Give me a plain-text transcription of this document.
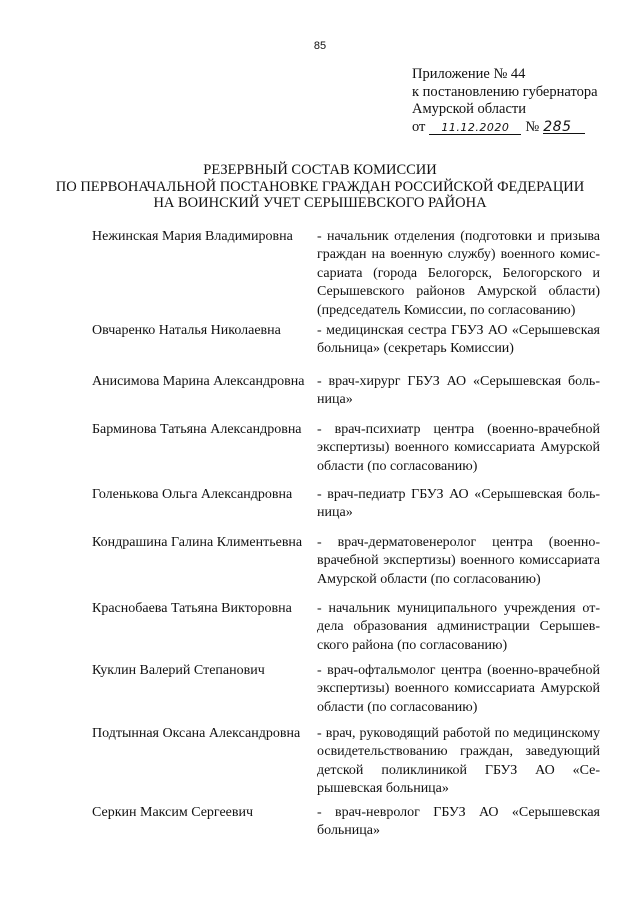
85
Приложение № 44
к постановлению губернатора
Амурской области
от 11.12.2020 № 285
РЕЗЕРВНЫЙ СОСТАВ КОМИССИИ
ПО ПЕРВОНАЧАЛЬНОЙ ПОСТАНОВКЕ ГРАЖДАН РОССИЙСКОЙ ФЕДЕРАЦИИ
НА ВОИНСКИЙ УЧЕТ СЕРЫШЕВСКОГО РАЙОНА
Нежинская Мария Владимировна	- начальник отделения (подготовки и призыва граждан на военную службу) военного комиссариата (города Белогорск, Белогорского и Серышевского районов Амурской области) (председатель Комиссии, по согласованию)
Овчаренко Наталья Николаевна	- медицинская сестра ГБУЗ АО «Серышевская больница» (секретарь Комиссии)
Анисимова Марина Александровна - врач-хирург ГБУЗ АО «Серышевская больница»
Барминова Татьяна Александровна	- врач-психиатр центра (военно-врачебной экспертизы) военного комиссариата Амурской области (по согласованию)
Голенькова Ольга Александровна	- врач-педиатр ГБУЗ АО «Серышевская больница»
Кондрашина Галина Климентьевна	- врач-дерматовенеролог центра (военно-врачебной экспертизы) военного комиссариата Амурской области (по согласованию)
Краснобаева Татьяна Викторовна	- начальник муниципального учреждения отдела образования администрации Серышевского района (по согласованию)
Куклин Валерий Степанович	- врач-офтальмолог центра (военно-врачебной экспертизы) военного комиссариата Амурской области (по согласованию)
Подтынная Оксана Александровна	- врач, руководящий работой по медицинскому освидетельствованию граждан, заведующий детской поликлиникой ГБУЗ АО «Серышевская больница»
Серкин Максим Сергеевич	- врач-невролог ГБУЗ АО «Серышевская больница»
